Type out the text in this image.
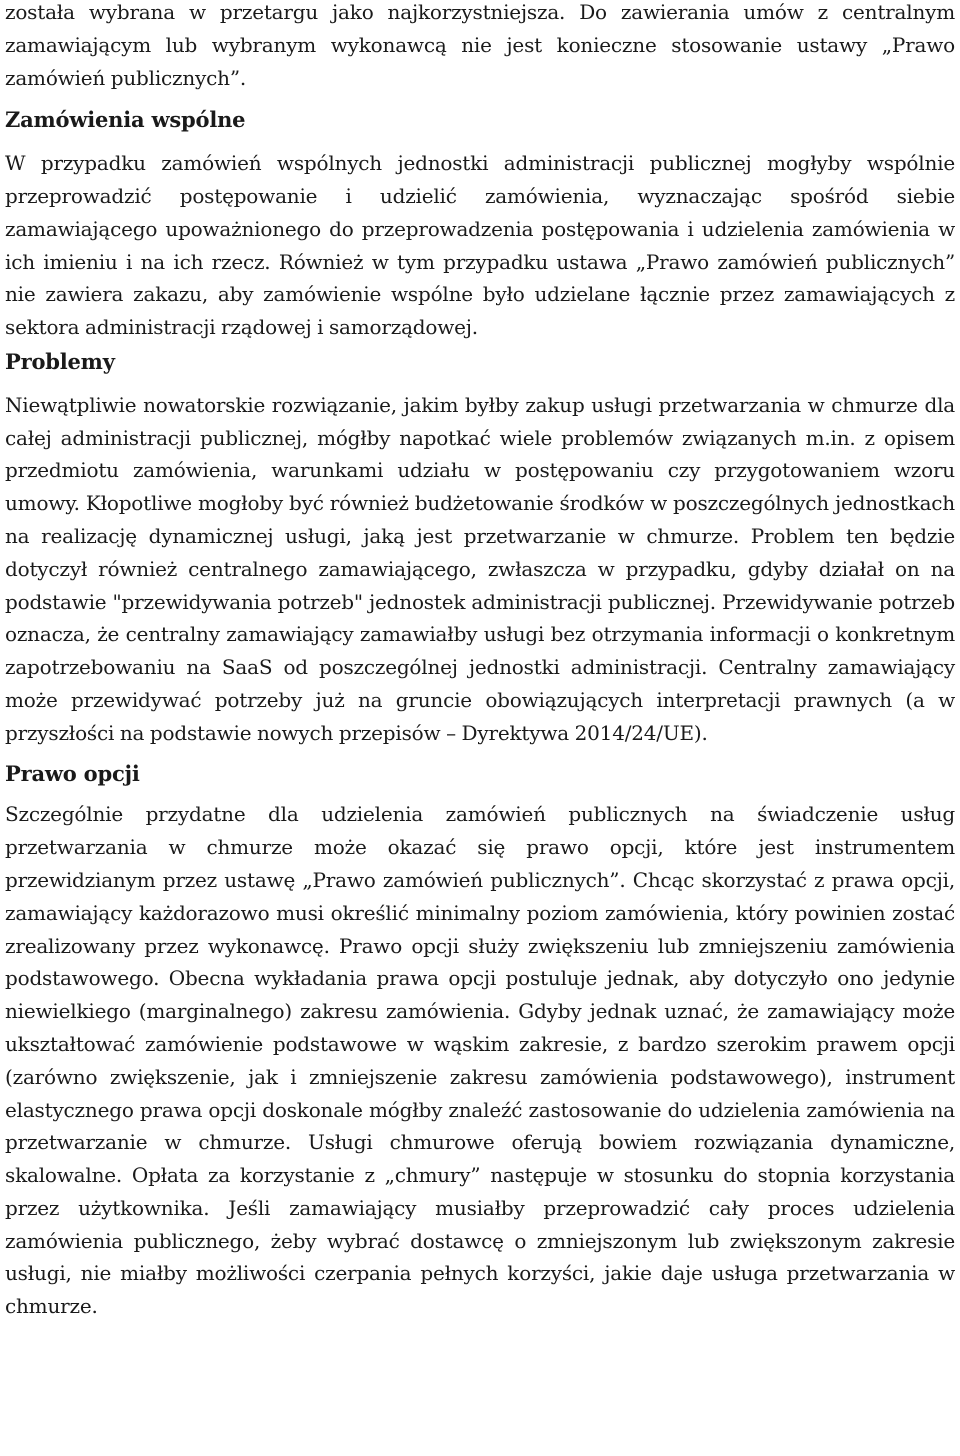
została wybrana w przetargu jako najkorzystniejsza. Do zawierania umów z centralnym zamawiającym lub wybranym wykonawcą nie jest konieczne stosowanie ustawy „Prawo zamówień publicznych”.

Zamówienia wspólne

W przypadku zamówień wspólnych jednostki administracji publicznej mogłyby wspólnie przeprowadzić postępowanie i udzielić zamówienia, wyznaczając spośród siebie zamawiającego upoważnionego do przeprowadzenia postępowania i udzielenia zamówienia w ich imieniu i na ich rzecz. Również w tym przypadku ustawa „Prawo zamówień publicznych” nie zawiera zakazu, aby zamówienie wspólne było udzielane łącznie przez zamawiających z sektora administracji rządowej i samorządowej.

Problemy

Niewątpliwie nowatorskie rozwiązanie, jakim byłby zakup usługi przetwarzania w chmurze dla całej administracji publicznej, mógłby napotkać wiele problemów związanych m.in. z opisem przedmiotu zamówienia, warunkami udziału w postępowaniu czy przygotowaniem wzoru umowy. Kłopotliwe mogłoby być również budżetowanie środków w poszczególnych jednostkach na realizację dynamicznej usługi, jaką jest przetwarzanie w chmurze. Problem ten będzie dotyczył również centralnego zamawiającego, zwłaszcza w przypadku, gdyby działał on na podstawie "przewidywania potrzeb" jednostek administracji publicznej. Przewidywanie potrzeb oznacza, że centralny zamawiający zamawiałby usługi bez otrzymania informacji o konkretnym zapotrzebowaniu na SaaS od poszczególnej jednostki administracji. Centralny zamawiający może przewidywać potrzeby już na gruncie obowiązujących interpretacji prawnych (a w przyszłości na podstawie nowych przepisów – Dyrektywa 2014/24/UE).

Prawo opcji

Szczególnie przydatne dla udzielenia zamówień publicznych na świadczenie usług przetwarzania w chmurze może okazać się prawo opcji, które jest instrumentem przewidzianym przez ustawę „Prawo zamówień publicznych”. Chcąc skorzystać z prawa opcji, zamawiający każdorazowo musi określić minimalny poziom zamówienia, który powinien zostać zrealizowany przez wykonawcę. Prawo opcji służy zwiększeniu lub zmniejszeniu zamówienia podstawowego. Obecna wykładania prawa opcji postuluje jednak, aby dotyczyło ono jedynie niewielkiego (marginalnego) zakresu zamówienia. Gdyby jednak uznać, że zamawiający może ukształtować zamówienie podstawowe w wąskim zakresie, z bardzo szerokim prawem opcji (zarówno zwiększenie, jak i zmniejszenie zakresu zamówienia podstawowego), instrument elastycznego prawa opcji doskonale mógłby znaleźć zastosowanie do udzielenia zamówienia na przetwarzanie w chmurze. Usługi chmurowe oferują bowiem rozwiązania dynamiczne, skalowalne. Opłata za korzystanie z „chmury” następuje w stosunku do stopnia korzystania przez użytkownika. Jeśli zamawiający musiałby przeprowadzić cały proces udzielenia zamówienia publicznego, żeby wybrać dostawcę o zmniejszonym lub zwiększonym zakresie usługi, nie miałby możliwości czerpania pełnych korzyści, jakie daje usługa przetwarzania w chmurze.
